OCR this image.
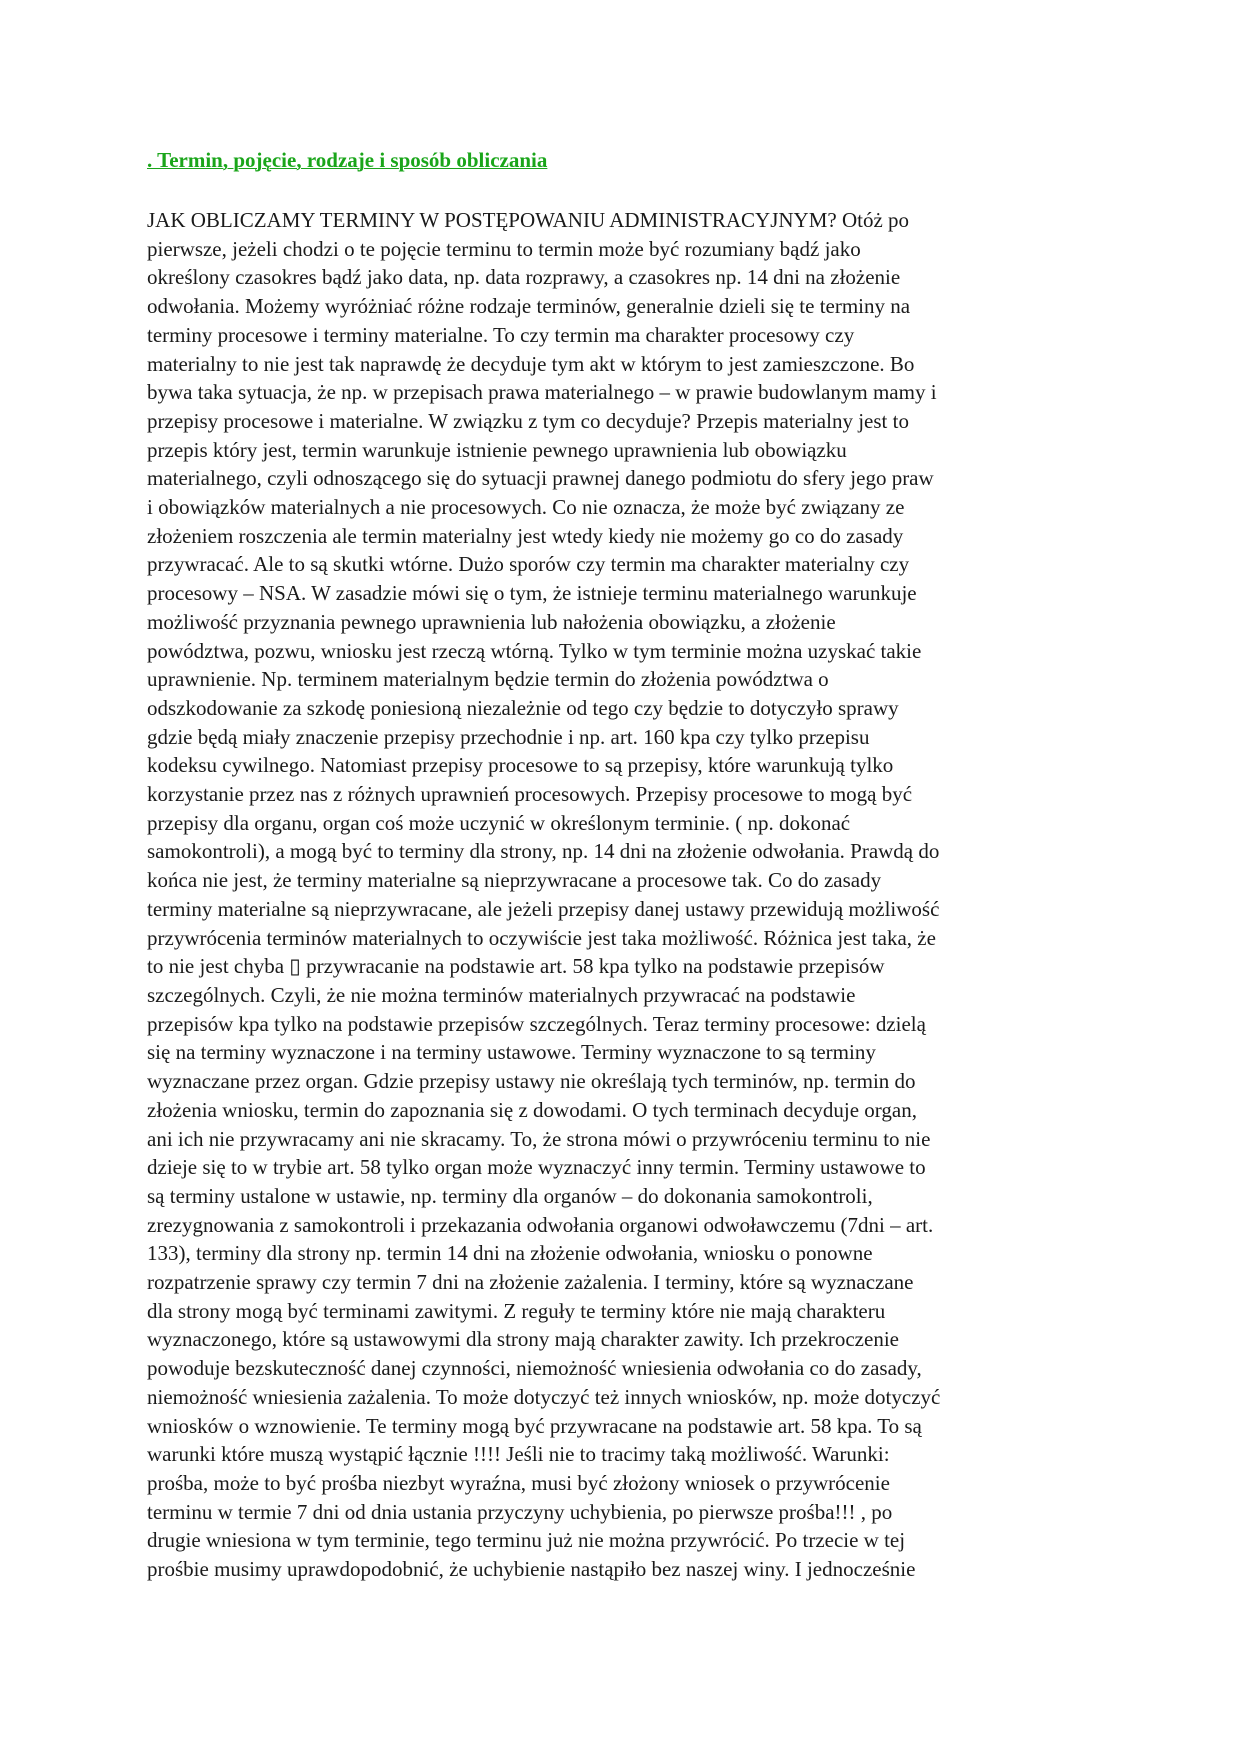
. Termin, pojęcie, rodzaje i sposób obliczania
JAK OBLICZAMY TERMINY W POSTĘPOWANIU ADMINISTRACYJNYM? Otóż po
pierwsze, jeżeli chodzi o te pojęcie terminu to termin może być rozumiany bądź jako
określony czasokres bądź jako data, np. data rozprawy, a czasokres np. 14 dni na złożenie
odwołania. Możemy wyróżniać różne rodzaje terminów, generalnie dzieli się te terminy na
terminy procesowe i terminy materialne. To czy termin ma charakter procesowy czy
materialny to nie jest tak naprawdę że decyduje tym akt w którym to jest zamieszczone. Bo
bywa taka sytuacja, że np. w przepisach prawa materialnego – w prawie budowlanym mamy i
przepisy procesowe i materialne. W związku z tym co decyduje? Przepis materialny jest to
przepis który jest, termin warunkuje istnienie pewnego uprawnienia lub obowiązku
materialnego, czyli odnoszącego się do sytuacji prawnej danego podmiotu do sfery jego praw
i obowiązków materialnych a nie procesowych. Co nie oznacza, że może być związany ze
złożeniem roszczenia ale termin materialny jest wtedy kiedy nie możemy go co do zasady
przywracać. Ale to są skutki wtórne. Dużo sporów czy termin ma charakter materialny czy
procesowy – NSA. W zasadzie mówi się o tym, że istnieje terminu materialnego warunkuje
możliwość przyznania pewnego uprawnienia lub nałożenia obowiązku, a złożenie
powództwa, pozwu, wniosku jest rzeczą wtórną. Tylko w tym terminie można uzyskać takie
uprawnienie. Np. terminem materialnym będzie termin do złożenia powództwa o
odszkodowanie za szkodę poniesioną niezależnie od tego czy będzie to dotyczyło sprawy
gdzie będą miały znaczenie przepisy przechodnie i np. art. 160 kpa czy tylko przepisu
kodeksu cywilnego. Natomiast przepisy procesowe to są przepisy, które warunkują tylko
korzystanie przez nas z różnych uprawnień procesowych. Przepisy procesowe to mogą być
przepisy dla organu, organ coś może uczynić w określonym terminie. ( np. dokonać
samokontroli), a mogą być to terminy dla strony, np. 14 dni na złożenie odwołania. Prawdą do
końca nie jest, że terminy materialne są nieprzywracane a procesowe tak. Co do zasady
terminy materialne są nieprzywracane, ale jeżeli przepisy danej ustawy przewidują możliwość
przywrócenia terminów materialnych to oczywiście jest taka możliwość. Różnica jest taka, że
to nie jest chyba ▯ przywracanie na podstawie art. 58 kpa tylko na podstawie przepisów
szczególnych. Czyli, że nie można terminów materialnych przywracać na podstawie
przepisów kpa tylko na podstawie przepisów szczególnych. Teraz terminy procesowe: dzielą
się na terminy wyznaczone i na terminy ustawowe. Terminy wyznaczone to są terminy
wyznaczane przez organ. Gdzie przepisy ustawy nie określają tych terminów, np. termin do
złożenia wniosku, termin do zapoznania się z dowodami. O tych terminach decyduje organ,
ani ich nie przywracamy ani nie skracamy. To, że strona mówi o przywróceniu terminu to nie
dzieje się to w trybie art. 58 tylko organ może wyznaczyć inny termin. Terminy ustawowe to
są terminy ustalone w ustawie, np. terminy dla organów – do dokonania samokontroli,
zrezygnowania z samokontroli i przekazania odwołania organowi odwoławczemu (7dni – art.
133), terminy dla strony np. termin 14 dni na złożenie odwołania, wniosku o ponowne
rozpatrzenie sprawy czy termin 7 dni na złożenie zażalenia. I terminy, które są wyznaczane
dla strony mogą być terminami zawitymi. Z reguły te terminy które nie mają charakteru
wyznaczonego, które są ustawowymi dla strony mają charakter zawity. Ich przekroczenie
powoduje bezskuteczność danej czynności, niemożność wniesienia odwołania co do zasady,
niemożność wniesienia zażalenia. To może dotyczyć też innych wniosków, np. może dotyczyć
wniosków o wznowienie. Te terminy mogą być przywracane na podstawie art. 58 kpa. To są
warunki które muszą wystąpić łącznie !!!! Jeśli nie to tracimy taką możliwość. Warunki:
prośba, może to być prośba niezbyt wyraźna, musi być złożony wniosek o przywrócenie
terminu w termie 7 dni od dnia ustania przyczyny uchybienia, po pierwsze prośba!!! , po
drugie wniesiona w tym terminie, tego terminu już nie można przywrócić. Po trzecie w tej
prośbie musimy uprawdopodobnić, że uchybienie nastąpiło bez naszej winy. I jednocześnie
